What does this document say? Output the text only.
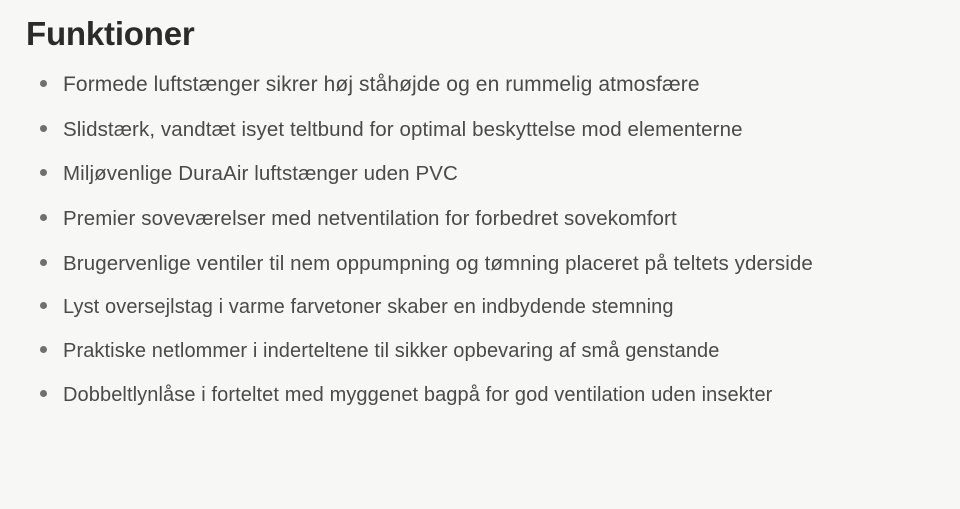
Funktioner
Formede luftstænger sikrer høj ståhøjde og en rummelig atmosfære
Slidstærk, vandtæt isyet teltbund for optimal beskyttelse mod elementerne
Miljøvenlige DuraAir luftstænger uden PVC
Premier soveværelser med netventilation for forbedret sovekomfort
Brugervenlige ventiler til nem oppumpning og tømning placeret på teltets yderside
Lyst oversejlstag i varme farvetoner skaber en indbydende stemning
Praktiske netlommer i inderteltene til sikker opbevaring af små genstande
Dobbeltlynlåse i forteltet med myggenet bagpå for god ventilation uden insekter
